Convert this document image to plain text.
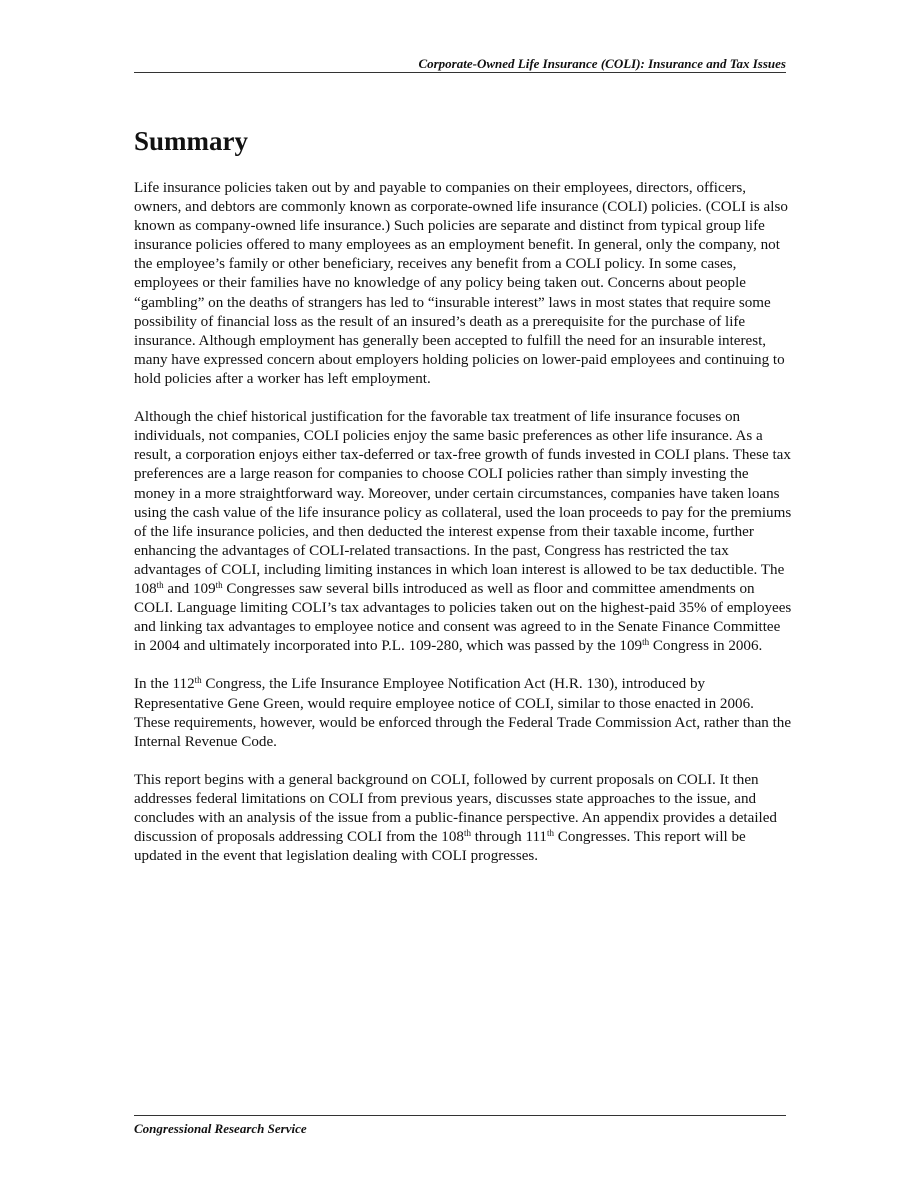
Corporate-Owned Life Insurance (COLI): Insurance and Tax Issues
Summary

Life insurance policies taken out by and payable to companies on their employees, directors, officers, owners, and debtors are commonly known as corporate-owned life insurance (COLI) policies. (COLI is also known as company-owned life insurance.) Such policies are separate and distinct from typical group life insurance policies offered to many employees as an employment benefit. In general, only the company, not the employee’s family or other beneficiary, receives any benefit from a COLI policy. In some cases, employees or their families have no knowledge of any policy being taken out. Concerns about people “gambling” on the deaths of strangers has led to “insurable interest” laws in most states that require some possibility of financial loss as the result of an insured’s death as a prerequisite for the purchase of life insurance. Although employment has generally been accepted to fulfill the need for an insurable interest, many have expressed concern about employers holding policies on lower-paid employees and continuing to hold policies after a worker has left employment.

Although the chief historical justification for the favorable tax treatment of life insurance focuses on individuals, not companies, COLI policies enjoy the same basic preferences as other life insurance. As a result, a corporation enjoys either tax-deferred or tax-free growth of funds invested in COLI plans. These tax preferences are a large reason for companies to choose COLI policies rather than simply investing the money in a more straightforward way. Moreover, under certain circumstances, companies have taken loans using the cash value of the life insurance policy as collateral, used the loan proceeds to pay for the premiums of the life insurance policies, and then deducted the interest expense from their taxable income, further enhancing the advantages of COLI-related transactions. In the past, Congress has restricted the tax advantages of COLI, including limiting instances in which loan interest is allowed to be tax deductible. The 108th and 109th Congresses saw several bills introduced as well as floor and committee amendments on COLI. Language limiting COLI’s tax advantages to policies taken out on the highest-paid 35% of employees and linking tax advantages to employee notice and consent was agreed to in the Senate Finance Committee in 2004 and ultimately incorporated into P.L. 109-280, which was passed by the 109th Congress in 2006.

In the 112th Congress, the Life Insurance Employee Notification Act (H.R. 130), introduced by Representative Gene Green, would require employee notice of COLI, similar to those enacted in 2006. These requirements, however, would be enforced through the Federal Trade Commission Act, rather than the Internal Revenue Code.

This report begins with a general background on COLI, followed by current proposals on COLI. It then addresses federal limitations on COLI from previous years, discusses state approaches to the issue, and concludes with an analysis of the issue from a public-finance perspective. An appendix provides a detailed discussion of proposals addressing COLI from the 108th through 111th Congresses. This report will be updated in the event that legislation dealing with COLI progresses.

Congressional Research Service
